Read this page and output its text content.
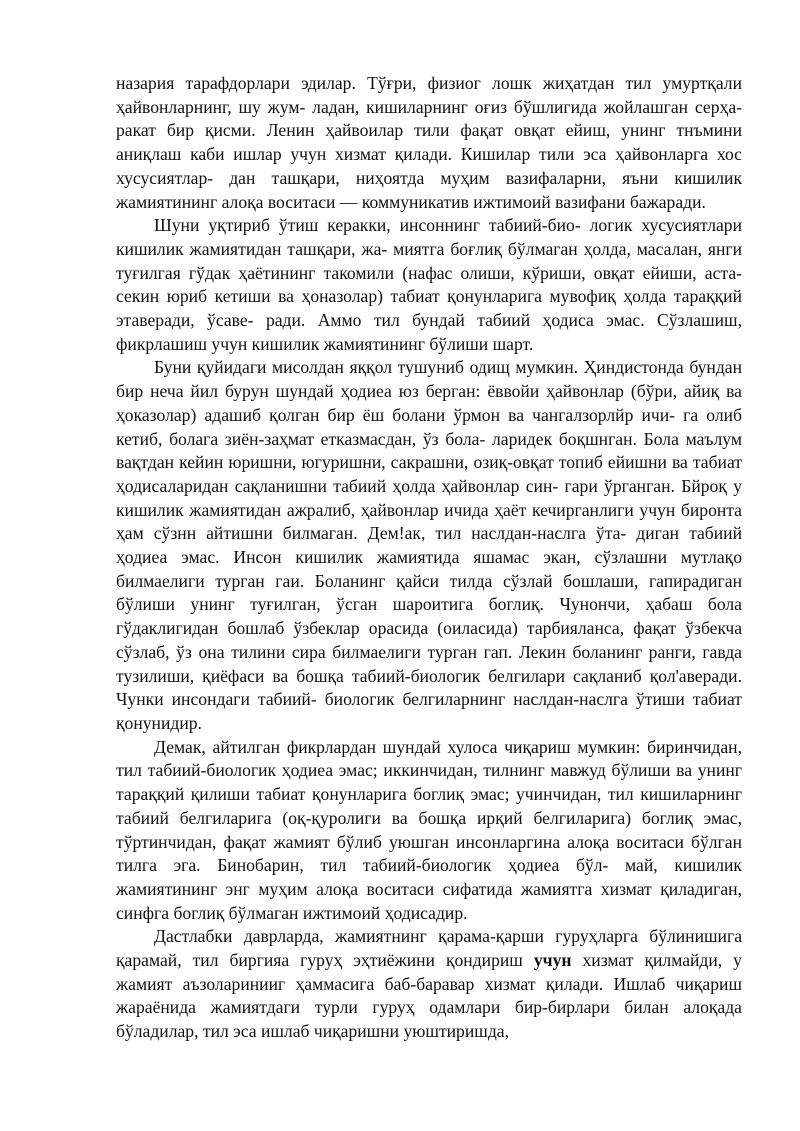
назария тарафдорлари эдилар. Тўғри, физиог лошк жиҳатдан тил умуртқали ҳайвонларнинг, шу жум- ладан, кишиларнинг оғиз бўшлигида жойлашган серҳа- ракат бир қисми. Ленин ҳайвоилар тили фақат овқат ейиш, унинг тнъмини аниқлаш каби ишлар учун хизмат қилади. Кишилар тили эса ҳайвонларга хос хусусиятлар- дан ташқари, ниҳоятда муҳим вазифаларни, яъни кишилик жамиятининг алоқа воситаси — коммуникатив ижтимоий вазифани бажаради.

Шуни уқтириб ўтиш керакки, инсоннинг табиий-био- логик хусусиятлари кишилик жамиятидан ташқари, жа- миятга боғлиқ бўлмаган ҳолда, масалан, янги туғилгая гўдак ҳаётининг такомили (нафас олиши, кўриши, овқат ейиши, аста-секин юриб кетиши ва ҳоназолар) табиат қонунларига мувофиқ ҳолда тараққий этаверади, ўсаве- ради. Аммо тил бундай табиий ҳодиса эмас. Сўзлашиш, фикрлашиш учун кишилик жамиятининг бўлиши шарт.

Буни қуйидаги мисолдан яққол тушуниб одищ мумкин. Ҳиндистонда бундан бир неча йил бурун шундай ҳодиеа юз берган: ёввойи ҳайвонлар (бўри, айиқ ва ҳоказолар) адашиб қолган бир ёш болани ўрмон ва чангалзорлйр ичи- га олиб кетиб, болага зиён-заҳмат етказмасдан, ўз бола- ларидек боқшнган. Бола маълум вақтдан кейин юришни, югуришни, сакрашни, озиқ-овқат топиб ейишни ва табиат ҳодисаларидан сақланишни табиий ҳолда ҳайвонлар син- гари ўрганган. Бйроқ у кишилик жамиятидан ажралиб, ҳайвонлар ичида ҳаёт кечирганлиги учун биронта ҳам сўзнн айтишни билмаган. Дем!ак, тил наслдан-наслга ўта- диган табиий ҳодиеа эмас. Инсон кишилик жамиятида яшамас экан, сўзлашни мутлақо билмаелиги турган гаи. Боланинг қайси тилда сўзлай бошлаши, гапирадиган бўлиши унинг туғилган, ўсган шароитига боглиқ. Чунончи, ҳабаш бола гўдаклигидан бошлаб ўзбеклар орасида (оиласида) тарбияланса, фақат ўзбекча сўзлаб, ўз она тилини сира билмаелиги турган гап. Лекин боланинг ранги, гавда тузилиши, қиёфаси ва бошқа табиий-биологик белгилари сақланиб қол'аверади. Чунки инсондаги табиий- биологик белгиларнинг наслдан-наслга ўтиши табиат қонунидир.

Демак, айтилган фикрлардан шундай хулоса чиқариш мумкин: биринчидан, тил табиий-биологик ҳодиеа эмас; иккинчидан, тилнинг мавжуд бўлиши ва унинг тараққий қилиши табиат қонунларига боглиқ эмас; учинчидан, тил кишиларнинг табиий белгиларига (оқ-қуролиги ва бошқа ирқий белгиларига) боглиқ эмас, тўртинчидан, фақат жамият бўлиб уюшган инсонларгина алоқа воситаси бўлган тилга эга. Бинобарин, тил табиий-биологик ҳодиеа бўл- май, кишилик жамиятининг энг муҳим алоқа воситаси сифатида жамиятга хизмат қиладиган, синфга боглиқ бўлмаган ижтимоий ҳодисадир.

Дастлабки даврларда, жамиятнинг қарама-қарши гуруҳларга бўлинишига қарамай, тил биргияа гуруҳ эҳтиёжини қондириш учун хизмат қилмайди, у жамият аъзоларинииг ҳаммасига баб-баравар хизмат қилади. Ишлаб чиқариш жараёнида жамиятдаги турли гуруҳ одамлари бир-бирлари билан алоқада бўладилар, тил эса ишлаб чиқаришни уюштиришда,
